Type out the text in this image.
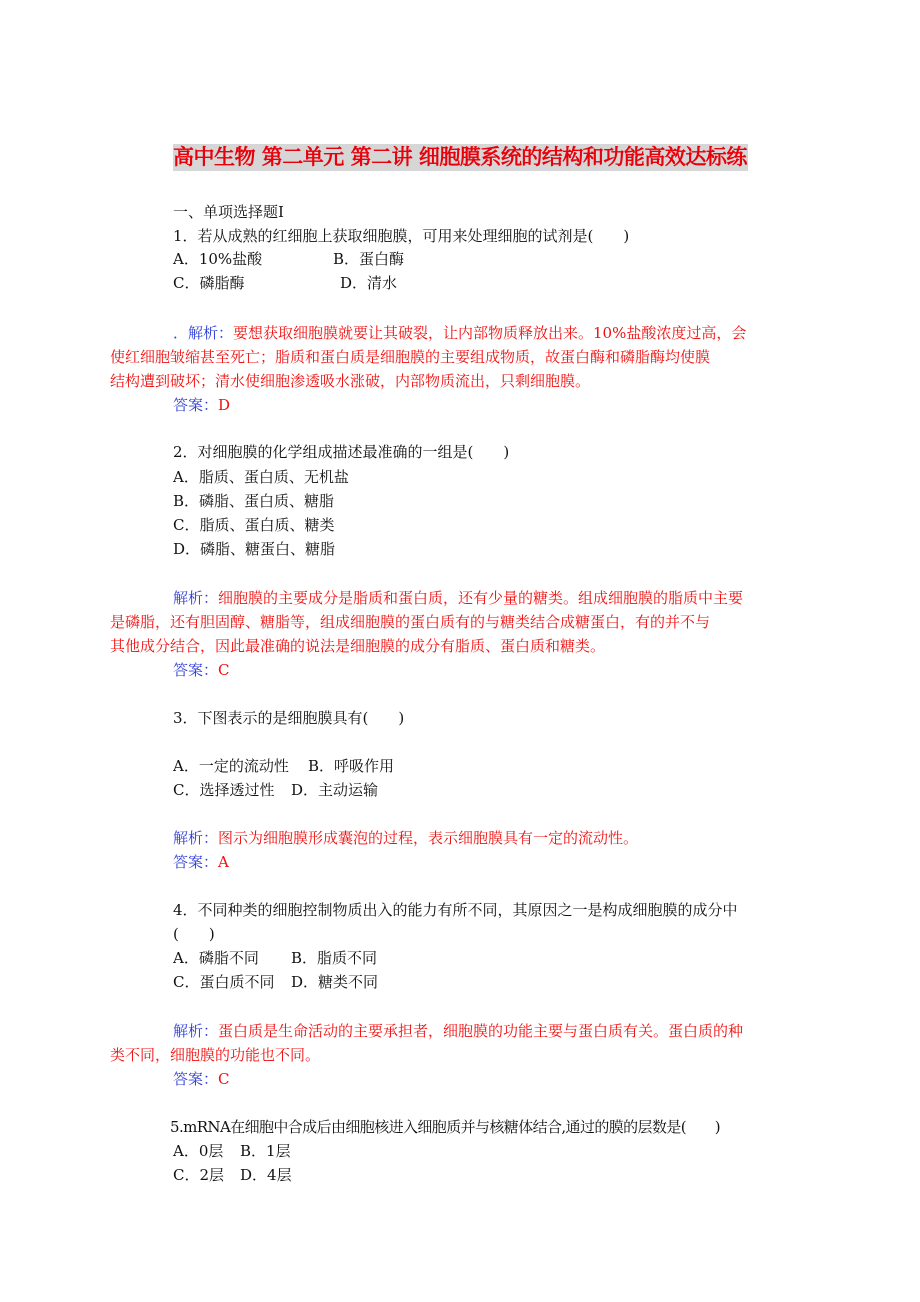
高中生物 第二单元 第二讲 细胞膜系统的结构和功能高效达标练
一、单项选择题Ⅰ
1．若从成熟的红细胞上获取细胞膜，可用来处理细胞的试剂是(　　)
A．10%盐酸	B．蛋白酶
C．磷脂酶	D．清水
．解析：要想获取细胞膜就要让其破裂，让内部物质释放出来。10%盐酸浓度过高，会
使红细胞皱缩甚至死亡；脂质和蛋白质是细胞膜的主要组成物质，故蛋白酶和磷脂酶均使膜
结构遭到破坏；清水使细胞渗透吸水涨破，内部物质流出，只剩细胞膜。
答案：D
2．对细胞膜的化学组成描述最准确的一组是(　　)
A．脂质、蛋白质、无机盐
B．磷脂、蛋白质、糖脂
C．脂质、蛋白质、糖类
D．磷脂、糖蛋白、糖脂
解析：细胞膜的主要成分是脂质和蛋白质，还有少量的糖类。组成细胞膜的脂质中主要
是磷脂，还有胆固醇、糖脂等，组成细胞膜的蛋白质有的与糖类结合成糖蛋白，有的并不与
其他成分结合，因此最准确的说法是细胞膜的成分有脂质、蛋白质和糖类。
答案：C
3．下图表示的是细胞膜具有(　　)
A．一定的流动性 B．呼吸作用
C．选择透过性 D．主动运输
解析：图示为细胞膜形成囊泡的过程，表示细胞膜具有一定的流动性。
答案：A
4．不同种类的细胞控制物质出入的能力有所不同，其原因之一是构成细胞膜的成分中
(　　)
A．磷脂不同 B．脂质不同
C．蛋白质不同 D．糖类不同
解析：蛋白质是生命活动的主要承担者，细胞膜的功能主要与蛋白质有关。蛋白质的种
类不同，细胞膜的功能也不同。
答案：C
5.mRNA在细胞中合成后由细胞核进入细胞质并与核糖体结合,通过的膜的层数是(　　)
A．0层 B．1层
C．2层 D．4层
